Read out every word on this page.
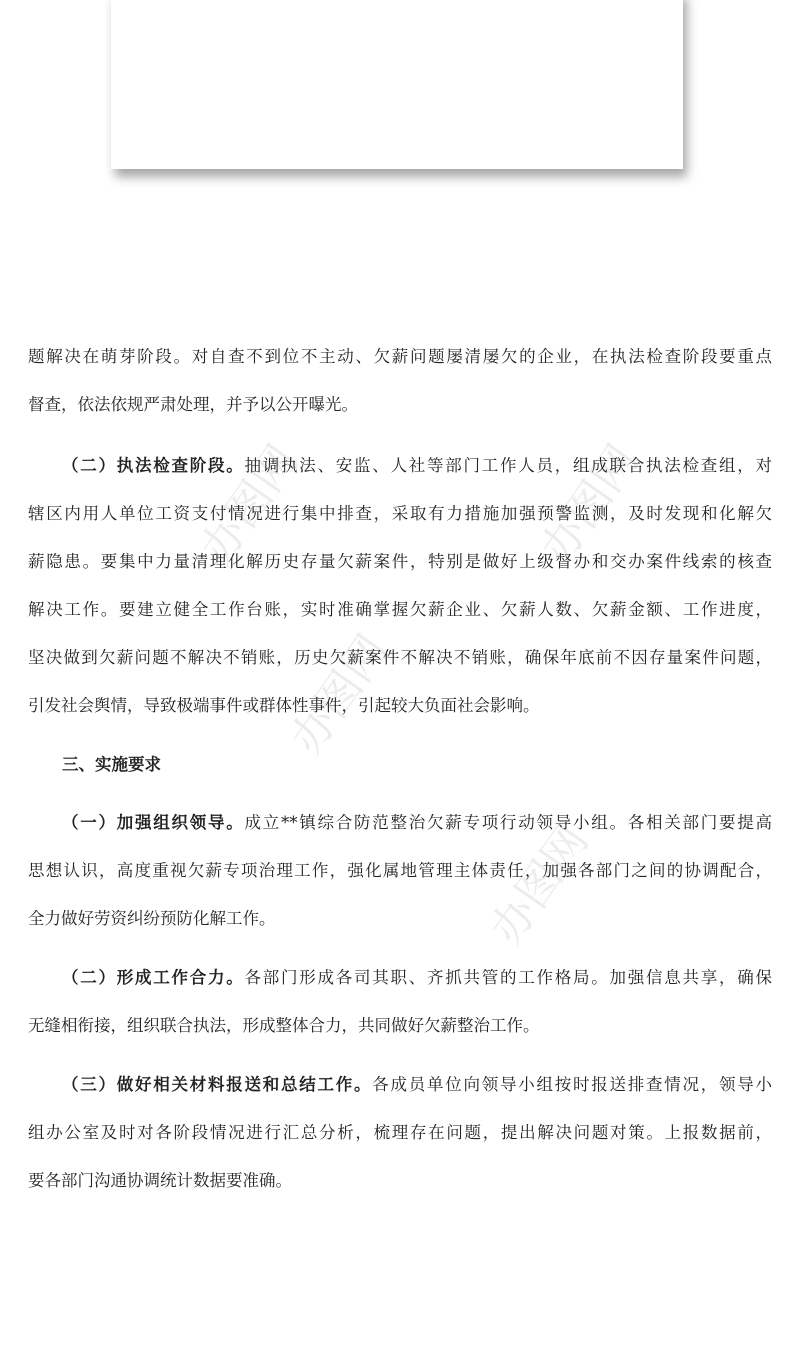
办图网
办图网
办图网
办图网
题解决在萌芽阶段。对自查不到位不主动、欠薪问题屡清屡欠的企业，在执法检查阶段要重点
督查，依法依规严肃处理，并予以公开曝光。
（二）执法检查阶段。抽调执法、安监、人社等部门工作人员，组成联合执法检查组，对
辖区内用人单位工资支付情况进行集中排查，采取有力措施加强预警监测，及时发现和化解欠
薪隐患。要集中力量清理化解历史存量欠薪案件，特别是做好上级督办和交办案件线索的核查
解决工作。要建立健全工作台账，实时准确掌握欠薪企业、欠薪人数、欠薪金额、工作进度，
坚决做到欠薪问题不解决不销账，历史欠薪案件不解决不销账，确保年底前不因存量案件问题，
引发社会舆情，导致极端事件或群体性事件，引起较大负面社会影响。
三、实施要求
（一）加强组织领导。成立**镇综合防范整治欠薪专项行动领导小组。各相关部门要提高
思想认识，高度重视欠薪专项治理工作，强化属地管理主体责任，加强各部门之间的协调配合，
全力做好劳资纠纷预防化解工作。
（二）形成工作合力。各部门形成各司其职、齐抓共管的工作格局。加强信息共享，确保
无缝相衔接，组织联合执法，形成整体合力，共同做好欠薪整治工作。
（三）做好相关材料报送和总结工作。各成员单位向领导小组按时报送排查情况，领导小
组办公室及时对各阶段情况进行汇总分析，梳理存在问题，提出解决问题对策。上报数据前，
要各部门沟通协调统计数据要准确。
